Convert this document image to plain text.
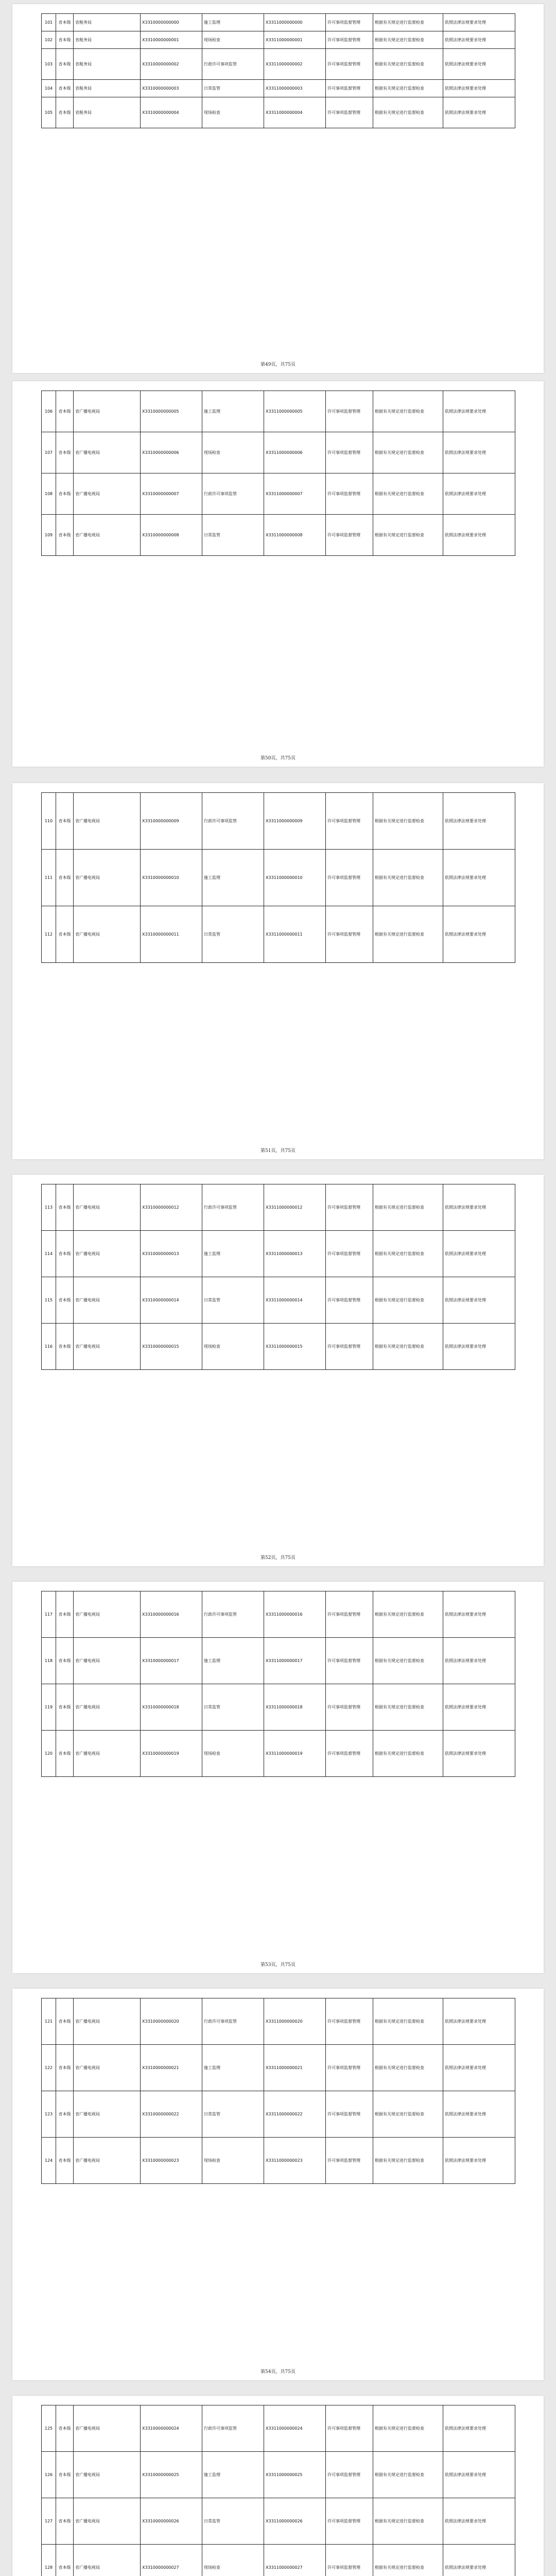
101	省本级	省税务局	X3310000000000	施工监理	X3311000000000	许可事项监督管理	根据有关规定进行监督检查	依照法律法规要求处理
102	省本级	省税务局	X3310000000001	现场检查	X3311000000001	许可事项监督管理	根据有关规定进行监督检查	依照法律法规要求处理
103	省本级	省税务局	X3310000000002	行政许可事项监管	X3311000000002	许可事项监督管理	根据有关规定进行监督检查	依照法律法规要求处理
104	省本级	省税务局	X3310000000003	日常监管	X3311000000003	许可事项监督管理	根据有关规定进行监督检查	依照法律法规要求处理
105	省本级	省税务局	X3310000000004	现场检查	X3311000000004	许可事项监督管理	根据有关规定进行监督检查	依照法律法规要求处理
第49页，共75页
106	省本级	省广播电视局	X3310000000005	施工监理	X3311000000005	许可事项监督管理	根据有关规定进行监督检查	依照法律法规要求处理
107	省本级	省广播电视局	X3310000000006	现场检查	X3311000000006	许可事项监督管理	根据有关规定进行监督检查	依照法律法规要求处理
108	省本级	省广播电视局	X3310000000007	行政许可事项监管	X3311000000007	许可事项监督管理	根据有关规定进行监督检查	依照法律法规要求处理
109	省本级	省广播电视局	X3310000000008	日常监管	X3311000000008	许可事项监督管理	根据有关规定进行监督检查	依照法律法规要求处理
第50页，共75页
110	省本级	省广播电视局	X3310000000009	行政许可事项监管	X3311000000009	许可事项监督管理	根据有关规定进行监督检查	依照法律法规要求处理
111	省本级	省广播电视局	X3310000000010	施工监理	X3311000000010	许可事项监督管理	根据有关规定进行监督检查	依照法律法规要求处理
112	省本级	省广播电视局	X3310000000011	日常监管	X3311000000011	许可事项监督管理	根据有关规定进行监督检查	依照法律法规要求处理
第51页，共75页
113	省本级	省广播电视局	X3310000000012	行政许可事项监管	X3311000000012	许可事项监督管理	根据有关规定进行监督检查	依照法律法规要求处理
114	省本级	省广播电视局	X3310000000013	施工监理	X3311000000013	许可事项监督管理	根据有关规定进行监督检查	依照法律法规要求处理
115	省本级	省广播电视局	X3310000000014	日常监管	X3311000000014	许可事项监督管理	根据有关规定进行监督检查	依照法律法规要求处理
116	省本级	省广播电视局	X3310000000015	现场检查	X3311000000015	许可事项监督管理	根据有关规定进行监督检查	依照法律法规要求处理
第52页，共75页
117	省本级	省广播电视局	X3310000000016	行政许可事项监管	X3311000000016	许可事项监督管理	根据有关规定进行监督检查	依照法律法规要求处理
118	省本级	省广播电视局	X3310000000017	施工监理	X3311000000017	许可事项监督管理	根据有关规定进行监督检查	依照法律法规要求处理
119	省本级	省广播电视局	X3310000000018	日常监管	X3311000000018	许可事项监督管理	根据有关规定进行监督检查	依照法律法规要求处理
120	省本级	省广播电视局	X3310000000019	现场检查	X3311000000019	许可事项监督管理	根据有关规定进行监督检查	依照法律法规要求处理
第53页，共75页
121	省本级	省广播电视局	X3310000000020	行政许可事项监管	X3311000000020	许可事项监督管理	根据有关规定进行监督检查	依照法律法规要求处理
122	省本级	省广播电视局	X3310000000021	施工监理	X3311000000021	许可事项监督管理	根据有关规定进行监督检查	依照法律法规要求处理
123	省本级	省广播电视局	X3310000000022	日常监管	X3311000000022	许可事项监督管理	根据有关规定进行监督检查	依照法律法规要求处理
124	省本级	省广播电视局	X3310000000023	现场检查	X3311000000023	许可事项监督管理	根据有关规定进行监督检查	依照法律法规要求处理
第54页，共75页
125	省本级	省广播电视局	X3310000000024	行政许可事项监管	X3311000000024	许可事项监督管理	根据有关规定进行监督检查	依照法律法规要求处理
126	省本级	省广播电视局	X3310000000025	施工监理	X3311000000025	许可事项监督管理	根据有关规定进行监督检查	依照法律法规要求处理
127	省本级	省广播电视局	X3310000000026	日常监管	X3311000000026	许可事项监督管理	根据有关规定进行监督检查	依照法律法规要求处理
128	省本级	省广播电视局	X3310000000027	现场检查	X3311000000027	许可事项监督管理	根据有关规定进行监督检查	依照法律法规要求处理
